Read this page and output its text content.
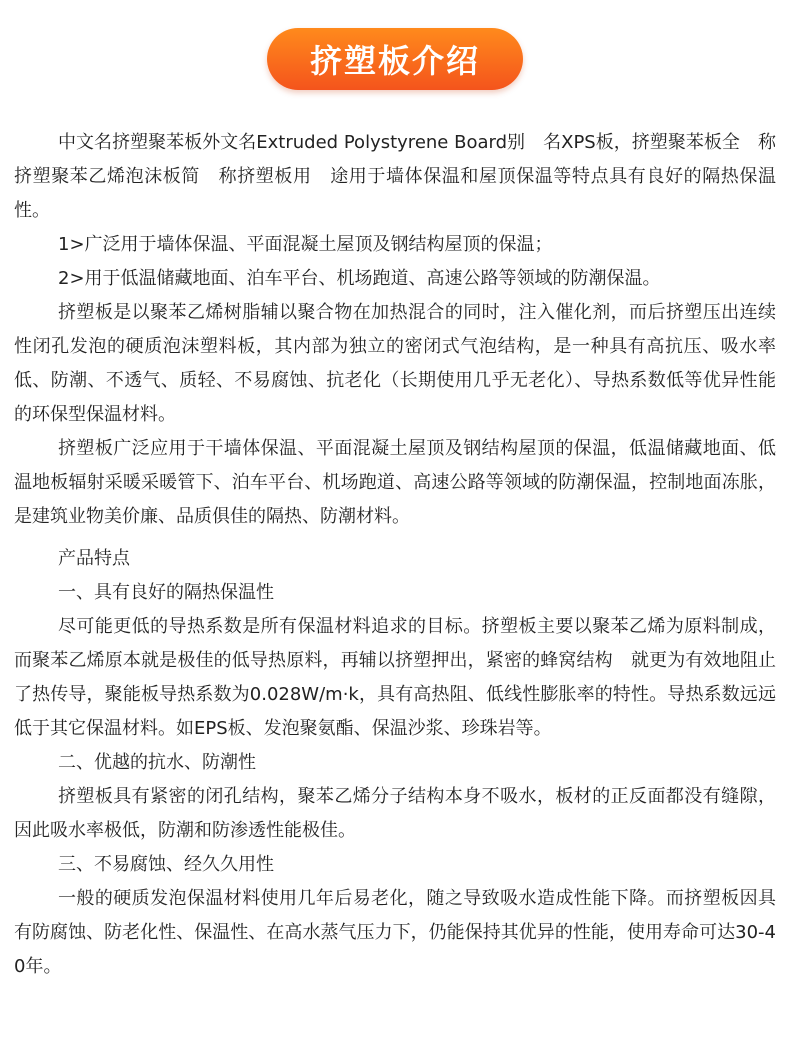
挤塑板介绍

中文名挤塑聚苯板外文名Extruded Polystyrene Board别　名XPS板，挤塑聚苯板全　称挤塑聚苯乙烯泡沫板简　称挤塑板用　途用于墙体保温和屋顶保温等特点具有良好的隔热保温性。

1>广泛用于墙体保温、平面混凝土屋顶及钢结构屋顶的保温；

2>用于低温储藏地面、泊车平台、机场跑道、高速公路等领域的防潮保温。

挤塑板是以聚苯乙烯树脂辅以聚合物在加热混合的同时，注入催化剂，而后挤塑压出连续性闭孔发泡的硬质泡沫塑料板，其内部为独立的密闭式气泡结构，是一种具有高抗压、吸水率低、防潮、不透气、质轻、不易腐蚀、抗老化（长期使用几乎无老化）、导热系数低等优异性能的环保型保温材料。

挤塑板广泛应用于干墙体保温、平面混凝土屋顶及钢结构屋顶的保温，低温储藏地面、低温地板辐射采暖采暖管下、泊车平台、机场跑道、高速公路等领域的防潮保温，控制地面冻胀，是建筑业物美价廉、品质俱佳的隔热、防潮材料。

产品特点

一、具有良好的隔热保温性

尽可能更低的导热系数是所有保温材料追求的目标。挤塑板主要以聚苯乙烯为原料制成，而聚苯乙烯原本就是极佳的低导热原料，再辅以挤塑押出，紧密的蜂窝结构　就更为有效地阻止了热传导，聚能板导热系数为0.028W/m·k，具有高热阻、低线性膨胀率的特性。导热系数远远低于其它保温材料。如EPS板、发泡聚氨酯、保温沙浆、珍珠岩等。

二、优越的抗水、防潮性

挤塑板具有紧密的闭孔结构，聚苯乙烯分子结构本身不吸水，板材的正反面都没有缝隙，因此吸水率极低，防潮和防渗透性能极佳。

三、不易腐蚀、经久久用性

一般的硬质发泡保温材料使用几年后易老化，随之导致吸水造成性能下降。而挤塑板因具有防腐蚀、防老化性、保温性、在高水蒸气压力下，仍能保持其优异的性能，使用寿命可达30-40年。
